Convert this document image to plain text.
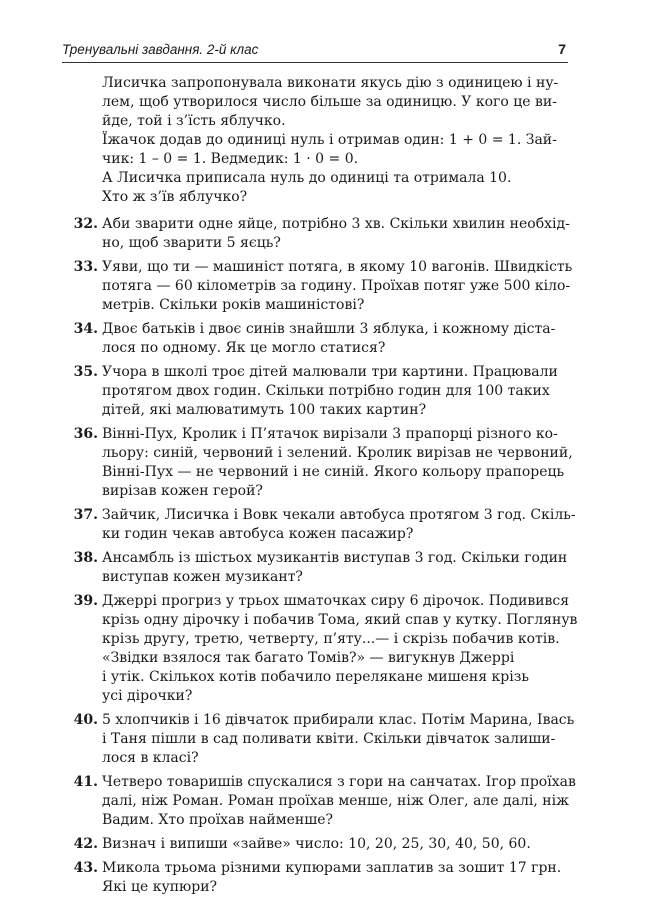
Тренувальні завдання. 2-й клас	7
Лисичка запропонувала виконати якусь дію з одиницею і ну-
лем, щоб утворилося число більше за одиницю. У кого це ви-
йде, той і з’їсть яблучко.
Їжачок додав до одиниці нуль і отримав один: 1 + 0 = 1. Зай-
чик: 1 – 0 = 1. Ведмедик: 1 · 0 = 0.
А Лисичка приписала нуль до одиниці та отримала 10.
Хто ж з’їв яблучко?
32. Аби зварити одне яйце, потрібно 3 хв. Скільки хвилин необхід-
но, щоб зварити 5 яєць?
33. Уяви, що ти — машиніст потяга, в якому 10 вагонів. Швидкість
потяга — 60 кілометрів за годину. Проїхав потяг уже 500 кіло-
метрів. Скільки років машиністові?
34. Двоє батьків і двоє синів знайшли 3 яблука, і кожному діста-
лося по одному. Як це могло статися?
35. Учора в школі троє дітей малювали три картини. Працювали
протягом двох годин. Скільки потрібно годин для 100 таких
дітей, які малюватимуть 100 таких картин?
36. Вінні-Пух, Кролик і П’ятачок вирізали 3 прапорці різного ко-
льору: синій, червоний і зелений. Кролик вирізав не червоний,
Вінні-Пух — не червоний і не синій. Якого кольору прапорець
вирізав кожен герой?
37. Зайчик, Лисичка і Вовк чекали автобуса протягом 3 год. Скіль-
ки годин чекав автобуса кожен пасажир?
38. Ансамбль із шістьох музикантів виступав 3 год. Скільки годин
виступав кожен музикант?
39. Джеррі прогриз у трьох шматочках сиру 6 дірочок. Подивився
крізь одну дірочку і побачив Тома, який спав у кутку. Поглянув
крізь другу, третю, четверту, п’яту...— і скрізь побачив котів.
«Звідки взялося так багато Томів?» — вигукнув Джеррі
і утік. Скількох котів побачило переляканe мишеня крізь
усі дірочки?
40. 5 хлопчиків і 16 дівчаток прибирали клас. Потім Марина, Івась
і Таня пішли в сад поливати квіти. Скільки дівчаток залиши-
лося в класі?
41. Четверо товаришів спускалися з гори на санчатах. Ігор проїхав
далі, ніж Роман. Роман проїхав менше, ніж Олег, але далі, ніж
Вадим. Хто проїхав найменше?
42. Визнач і випиши «зайве» число: 10, 20, 25, 30, 40, 50, 60.
43. Микола трьома різними купюрами заплатив за зошит 17 грн.
Які це купюри?
